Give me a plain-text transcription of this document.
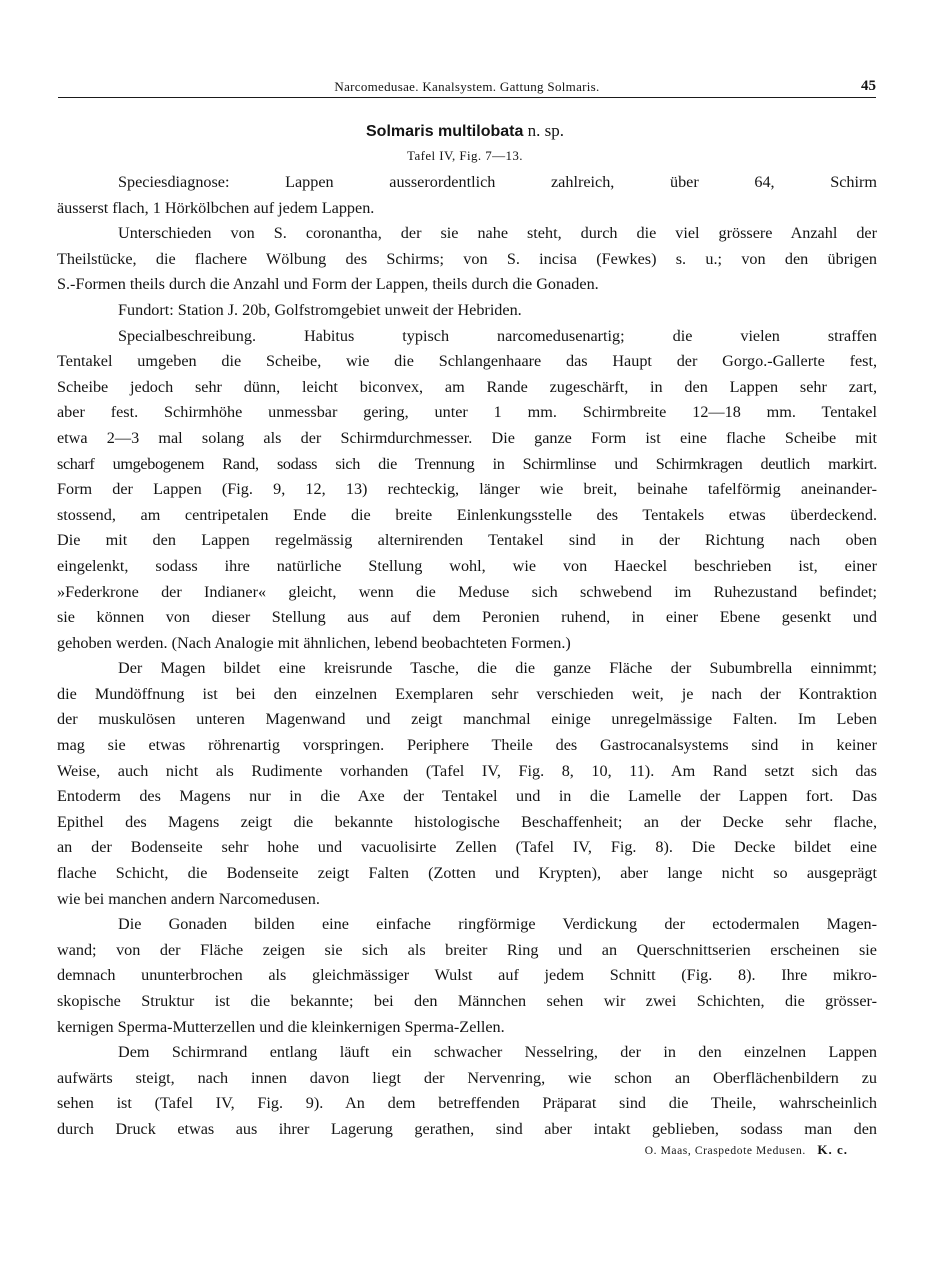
Narcomedusae. Kanalsystem. Gattung Solmaris.	45
Solmaris multilobata n. sp.
Tafel IV, Fig. 7—13.

Speciesdiagnose: Lappen ausserordentlich zahlreich, über 64, Schirm
äusserst flach, 1 Hörkölbchen auf jedem Lappen.

Unterschieden von S. coronantha, der sie nahe steht, durch die viel grössere Anzahl der
Theilstücke, die flachere Wölbung des Schirms; von S. incisa (Fewkes) s. u.; von den übrigen
S.-Formen theils durch die Anzahl und Form der Lappen, theils durch die Gonaden.

Fundort: Station J. 20b, Golfstromgebiet unweit der Hebriden.

Specialbeschreibung. Habitus typisch narcomedusenartig; die vielen straffen
Tentakel umgeben die Scheibe, wie die Schlangenhaare das Haupt der Gorgo.-Gallerte fest,
Scheibe jedoch sehr dünn, leicht biconvex, am Rande zugeschärft, in den Lappen sehr zart,
aber fest. Schirmhöhe unmessbar gering, unter 1 mm. Schirmbreite 12—18 mm. Tentakel
etwa 2—3 mal solang als der Schirmdurchmesser. Die ganze Form ist eine flache Scheibe mit
scharf umgebogenem Rand, sodass sich die Trennung in Schirmlinse und Schirmkragen deutlich markirt.
Form der Lappen (Fig. 9, 12, 13) rechteckig, länger wie breit, beinahe tafelförmig aneinander-
stossend, am centripetalen Ende die breite Einlenkungsstelle des Tentakels etwas überdeckend.
Die mit den Lappen regelmässig alternirenden Tentakel sind in der Richtung nach oben
eingelenkt, sodass ihre natürliche Stellung wohl, wie von Haeckel beschrieben ist, einer
»Federkrone der Indianer« gleicht, wenn die Meduse sich schwebend im Ruhezustand befindet;
sie können von dieser Stellung aus auf dem Peronien ruhend, in einer Ebene gesenkt und
gehoben werden. (Nach Analogie mit ähnlichen, lebend beobachteten Formen.)

Der Magen bildet eine kreisrunde Tasche, die die ganze Fläche der Subumbrella einnimmt;
die Mundöffnung ist bei den einzelnen Exemplaren sehr verschieden weit, je nach der Kontraktion
der muskulösen unteren Magenwand und zeigt manchmal einige unregelmässige Falten. Im Leben
mag sie etwas röhrenartig vorspringen. Periphere Theile des Gastrocanalsystems sind in keiner
Weise, auch nicht als Rudimente vorhanden (Tafel IV, Fig. 8, 10, 11). Am Rand setzt sich das
Entoderm des Magens nur in die Axe der Tentakel und in die Lamelle der Lappen fort. Das
Epithel des Magens zeigt die bekannte histologische Beschaffenheit; an der Decke sehr flache,
an der Bodenseite sehr hohe und vacuolisirte Zellen (Tafel IV, Fig. 8). Die Decke bildet eine
flache Schicht, die Bodenseite zeigt Falten (Zotten und Krypten), aber lange nicht so ausgeprägt
wie bei manchen andern Narcomedusen.

Die Gonaden bilden eine einfache ringförmige Verdickung der ectodermalen Magen-
wand; von der Fläche zeigen sie sich als breiter Ring und an Querschnittserien erscheinen sie
demnach ununterbrochen als gleichmässiger Wulst auf jedem Schnitt (Fig. 8). Ihre mikro-
skopische Struktur ist die bekannte; bei den Männchen sehen wir zwei Schichten, die grösser-
kernigen Sperma-Mutterzellen und die kleinkernigen Sperma-Zellen.

Dem Schirmrand entlang läuft ein schwacher Nesselring, der in den einzelnen Lappen
aufwärts steigt, nach innen davon liegt der Nervenring, wie schon an Oberflächenbildern zu
sehen ist (Tafel IV, Fig. 9). An dem betreffenden Präparat sind die Theile, wahrscheinlich
durch Druck etwas aus ihrer Lagerung gerathen, sind aber intakt geblieben, sodass man den

O. Maas, Craspedote Medusen. K. c.
